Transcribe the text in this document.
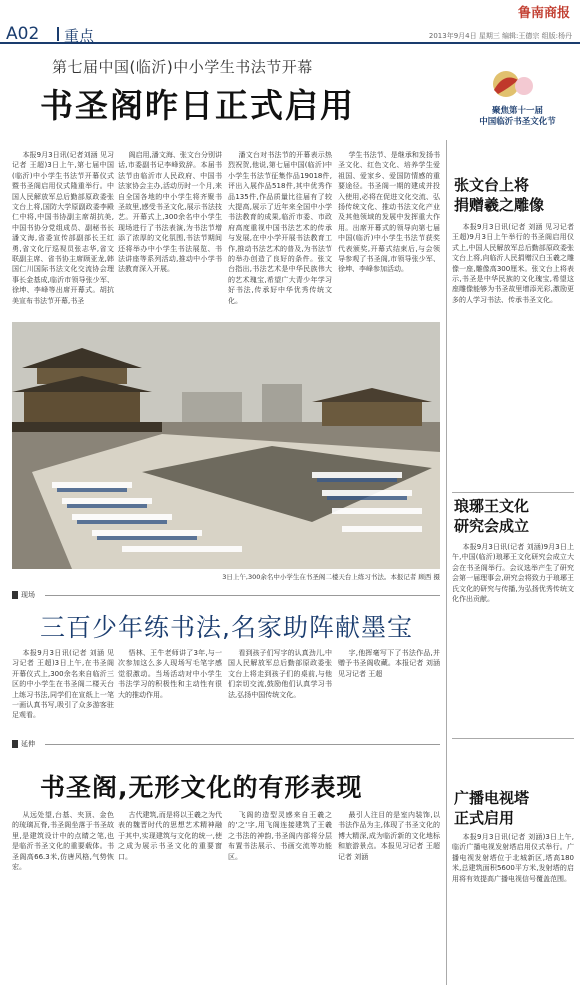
鲁南商报
A02 重点	2013年9月4日 星期三 编辑:王德宗 组版:杨丹
第七届中国(临沂)中小学生书法节开幕
书圣阁昨日正式启用	聚焦第十一届
中国临沂书圣文化节

本报9月3日讯(记者刘涵 见习记者 王超)3日上午,第七届中国(临沂)中小学生书法节开幕仪式暨书圣阁启用仪式隆重举行。中国人民解放军总后勤部原政委张文台上将,国防大学原副政委李殿仁中将,中国书协副主席胡抗美,中国书协分党组成员、副秘书长潘文海,省委宣传部副部长王红勇,省文化厅巡视员张志华,省文联副主席、省书协主席顾亚龙,韩国仁川国际书法文化交流协会理事长金基成,临沂市领导张少军、徐坤、李峰等出席开幕式。胡抗美宣布书法节开幕,书圣

阁启用,潘文海、张文台分别讲话,市委副书记李峰致辞。本届书法节由临沂市人民政府、中国书法家协会主办,活动历时一个月,来自全国各地的中小学生将齐聚书圣故里,感受书圣文化,展示书法技艺。开幕式上,300余名中小学生现场进行了书法表演,为书法节增添了浓厚的文化氛围,书法节期间还将举办中小学生书法展览、书法讲座等系列活动,推动中小学书法教育深入开展。

潘文台对书法节的开幕表示热烈祝贺,他说,第七届中国(临沂)中小学生书法节征集作品19018件,评出入展作品518件,其中优秀作品135件,作品质量比往届有了较大提高,展示了近年来全国中小学书法教育的成果,临沂市委、市政府高度重视中国书法艺术的传承与发展,在中小学开展书法教育工作,推动书法艺术的普及,为书法节的举办创造了良好的条件。张文台指出,书法艺术是中华民族伟大的艺术瑰宝,希望广大青少年学习好书法,传承好中华优秀传统文化。

学生书法节、是继承和发扬书圣文化、红色文化、培养学生爱祖国、爱家乡、爱国防情感的重要途径。书圣阁一期的建成并投入使用,必将在促进文化交流、弘扬传统文化、推动书法文化产业及其他领域的发展中发挥重大作用。出席开幕式的领导向第七届中国(临沂)中小学生书法节获奖代表颁奖,开幕式结束后,与会领导参观了书圣阁,市领导张少军、徐坤、李峰参加活动。

3日上午,300余名中小学生在书圣阁二楼天台上练习书法。本报记者 顾西 摄
现场
三百少年练书法,名家助阵献墨宝

本报9月3日讯(记者 刘涵 见习记者 王超)3日上午,在书圣阁开幕仪式上,300余名来自临沂三区的中小学生在书圣阁二楼天台上练习书法,同学们在宣纸上一笔一画认真书写,吸引了众多游客驻足观看。

悟林、王牛老师讲了3年,与一次参加这么多人现场写毛笔字感觉很激动。当场活动对中小学生书法学习的积极性和主动性有很大的推动作用。

看到孩子们写字的认真劲儿,中国人民解放军总后勤部原政委张文台上将走到孩子们的桌前,与他们亲切交流,鼓励他们认真学习书法,弘扬中国传统文化。

字,他挥毫写下了书法作品,并赠予书圣阁收藏。本报记者 刘涵 见习记者 王超

延伸
书圣阁,无形文化的有形表现

从远处望,台基、夹顶、金色的琉璃瓦脊,书圣阁坐落于书圣故里,是建筑设计中的点睛之笔,也是临沂书圣文化的重要载体。书圣阁高66.3米,仿唐风格,气势恢宏。

古代建筑,而是将以王羲之为代表的魏晋时代的思想艺术精神融于其中,实现建筑与文化的统一,使之成为展示书圣文化的重要窗口。

飞阁的造型灵感来自王羲之的'之'字,用飞阁连接建筑了王羲之书法的神韵,书圣阁内部将分层布置书法展示、书画交流等功能区。

最引人注目的是室内装饰,以书法作品为主,体现了书圣文化的博大精深,成为临沂新的文化地标和旅游景点。本报见习记者 王超 记者 刘涵

张文台上将
捐赠羲之雕像

本报9月3日讯(记者 刘涵 见习记者 王超)9月3日上午举行的书圣阁启用仪式上,中国人民解放军总后勤部原政委张文台上将,向临沂人民捐赠汉白玉羲之雕像一座,雕像高300厘米。张文台上将表示,书圣是中华民族的文化瑰宝,希望这座雕像能够为书圣故里增添光彩,激励更多的人学习书法、传承书圣文化。

琅琊王文化
研究会成立

本报9月3日讯(记者 刘涵)9月3日上午,中国(临沂)琅琊王文化研究会成立大会在书圣阁举行。会议选举产生了研究会第一届理事会,研究会将致力于琅琊王氏文化的研究与传播,为弘扬优秀传统文化作出贡献。

广播电视塔
正式启用

本报9月3日讯(记者 刘涵)3日上午,临沂广播电视发射塔启用仪式举行。广播电视发射塔位于北城新区,塔高180米,总建筑面积5600平方米,发射塔的启用将有效提高广播电视信号覆盖范围。
